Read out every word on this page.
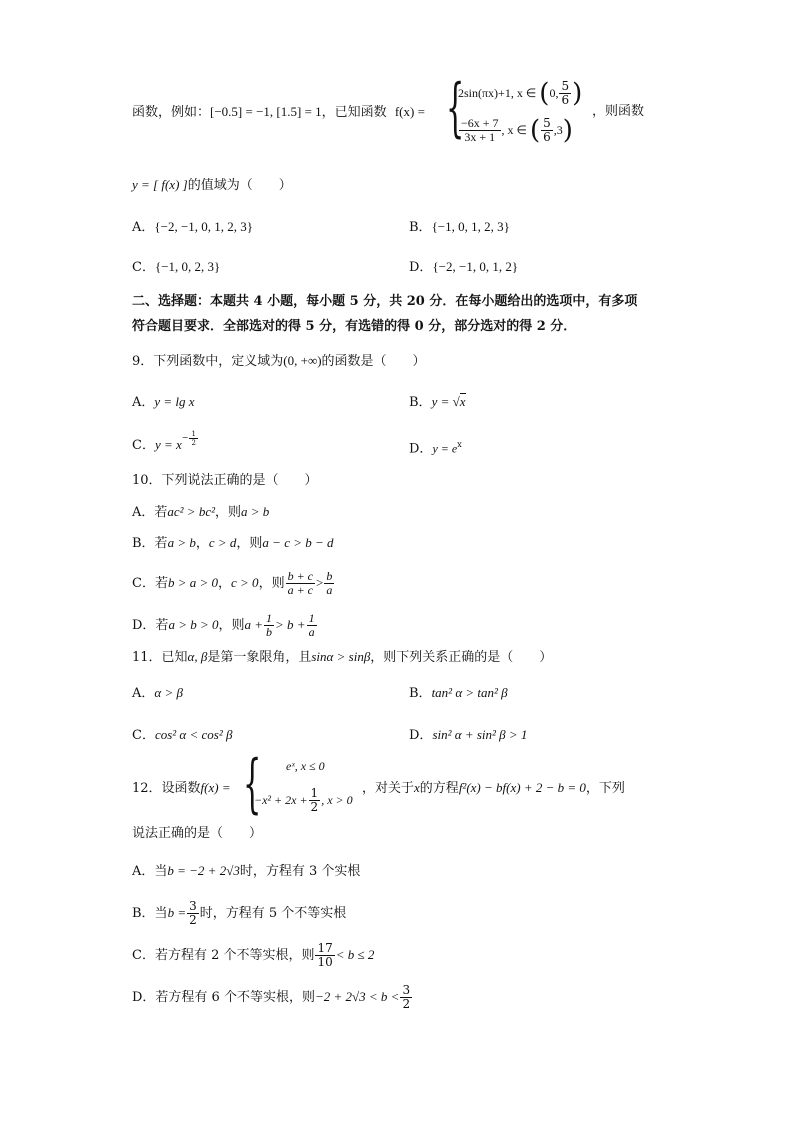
函数，例如：[−0.5] = −1, [1.5] = 1，已知函数 f(x) = {
2sin(πx)+1, x ∈ (0, $\frac{5}{6}$ )
$\frac{-6x + 7}{3x + 1}$ , x ∈ ( $\frac{5}{6} ,3$)
，则函数
y = [ f(x) ]的值域为（　　）
A．{−2, −1, 0, 1, 2, 3}	B．{−1, 0, 1, 2, 3}
C．{−1, 0, 2, 3}	D．{−2, −1, 0, 1, 2}
二、选择题：本题共 4 小题，每小题 5 分，共 20 分．在每小题给出的选项中，有多项
符合题目要求．全部选对的得 5 分，有选错的得 0 分，部分选对的得 2 分．
9．下列函数中，定义域为(0, +∞)的函数是（　　）
A．y = lg x	B．y = √x
C．$y = x^{- \frac{1}{2}}$
D．$y = e^x$
10．下列说法正确的是（　　）
A．若ac² > bc²，则a > b
B．若a > b，c > d，则a − c > b − d
C．若b > a > 0，c > 0，则 $\frac{b + c}{a + c} > \frac{b}{a}$
D．若a > b > 0，则$a + \frac{1}{b} > b + \frac{1}{a}$
11．已知α, β是第一象限角，且sinα > sinβ，则下列关系正确的是（　　）
A．α > β	B．tan² α > tan² β
C．cos² α < cos² β	D．sin² α + sin² β > 1
12．设函数f(x) = { eˣ, x ≤ 0
$-x^2 + 2x + \frac{1}{2}$ , x > 0
，对关于x的方程f²(x) − bf(x) + 2 − b = 0，下列
说法正确的是（　　）
A．当b = −2 + 2√3时，方程有 3 个实根
B．当$b = \frac{3}{2}$ 时，方程有 5 个不等实根
C．若方程有 2 个不等实根，则 $\frac{17}{10} < b \le 2$
D．若方程有 6 个不等实根，则$-2 + 2√3 < b < \frac{3}{2}$
